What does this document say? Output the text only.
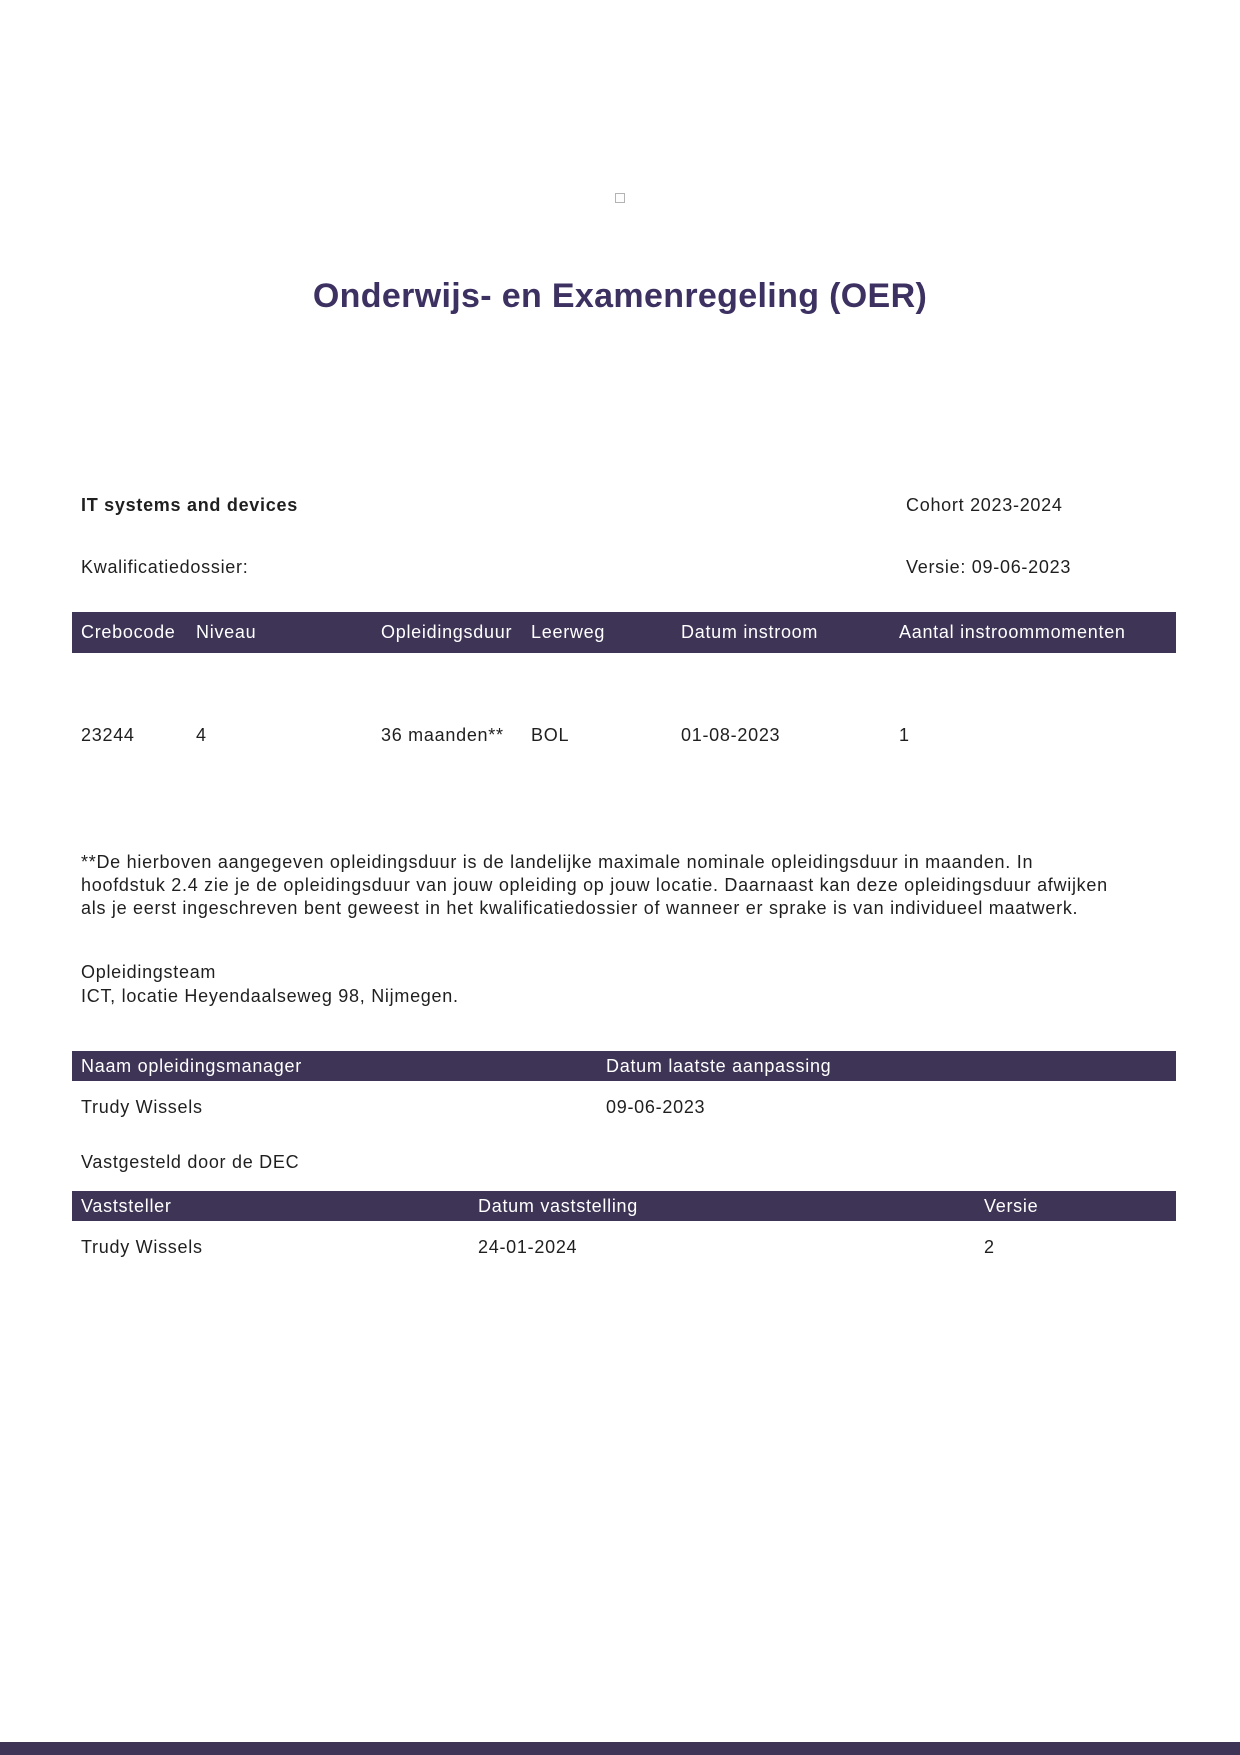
Onderwijs- en Examenregeling (OER)
IT systems and devices	Cohort 2023-2024
Kwalificatiedossier:	Versie: 09-06-2023
Crebocode	Niveau	Opleidingsduur	Leerweg	Datum instroom	Aantal instroommomenten
23244	4	36 maanden**	BOL	01-08-2023	1
**De hierboven aangegeven opleidingsduur is de landelijke maximale nominale opleidingsduur in maanden. In
hoofdstuk 2.4 zie je de opleidingsduur van jouw opleiding op jouw locatie. Daarnaast kan deze opleidingsduur afwijken
als je eerst ingeschreven bent geweest in het kwalificatiedossier of wanneer er sprake is van individueel maatwerk.
Opleidingsteam
ICT, locatie Heyendaalseweg 98, Nijmegen.
Naam opleidingsmanager	Datum laatste aanpassing
Trudy Wissels	09-06-2023
Vastgesteld door de DEC
Vaststeller	Datum vaststelling	Versie
Trudy Wissels	24-01-2024	2
